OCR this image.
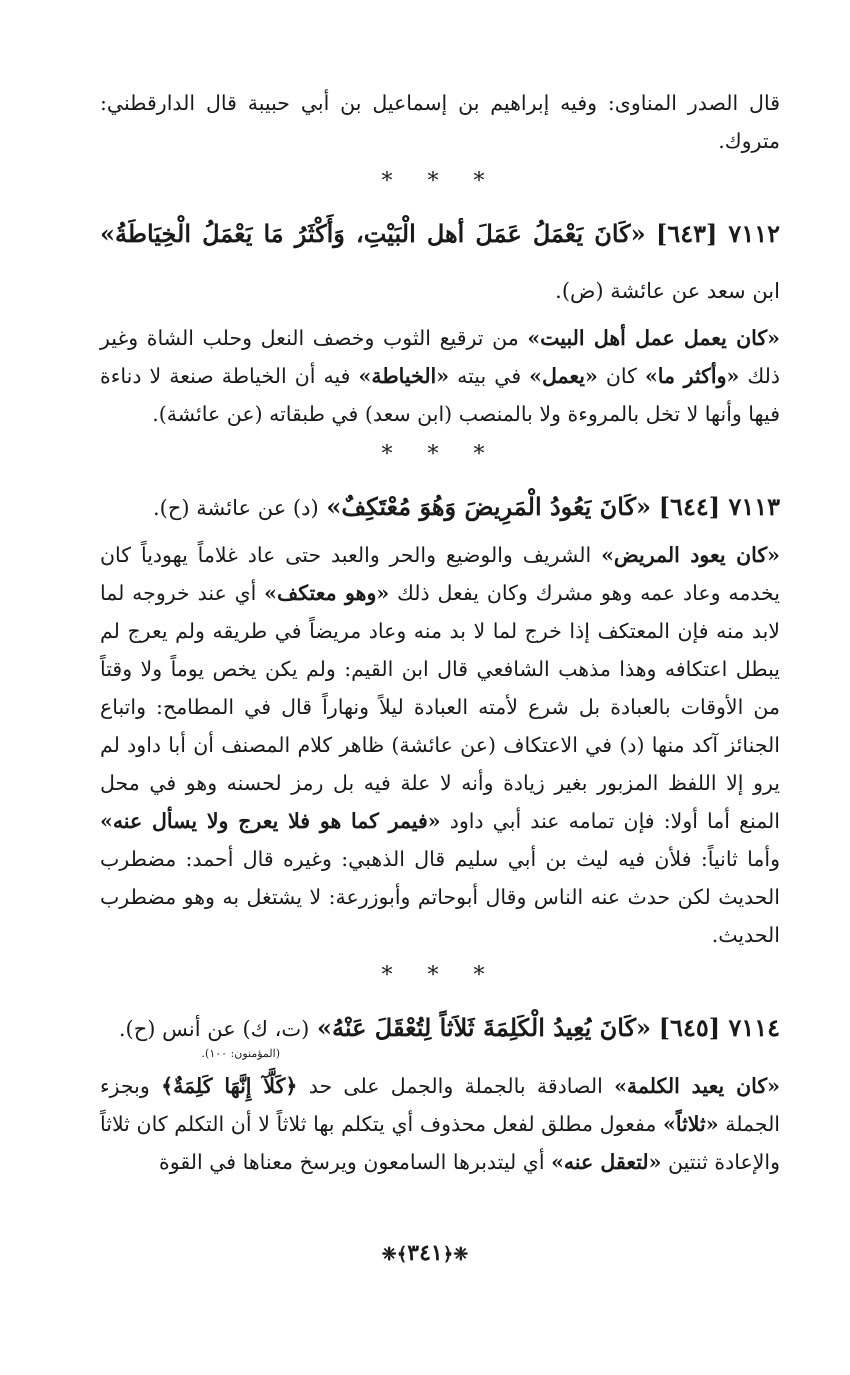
قال الصدر المناوى: وفيه إبراهيم بن إسماعيل بن أبي حبيبة قال الدارقطني: متروك.

* * *

٧١١٢ [٦٤٣] «كَانَ يَعْمَلُ عَمَلَ أهل الْبَيْتِ، وَأَكْثَرُ مَا يَعْمَلُ الْخِيَاطَةُ» ابن سعد عن عائشة (ض).

«كان يعمل عمل أهل البيت» من ترقيع الثوب وخصف النعل وحلب الشاة وغير ذلك «وأكثر ما» كان «يعمل» في بيته «الخياطة» فيه أن الخياطة صنعة لا دناءة فيها وأنها لا تخل بالمروءة ولا بالمنصب (ابن سعد) في طبقاته (عن عائشة).

* * *

٧١١٣ [٦٤٤] «كَانَ يَعُودُ الْمَرِيضَ وَهُوَ مُعْتَكِفٌ» (د) عن عائشة (ح).

«كان يعود المريض» الشريف والوضيع والحر والعبد حتى عاد غلاماً يهودياً كان يخدمه وعاد عمه وهو مشرك وكان يفعل ذلك «وهو معتكف» أي عند خروجه لما لابد منه فإن المعتكف إذا خرج لما لا بد منه وعاد مريضاً في طريقه ولم يعرج لم يبطل اعتكافه وهذا مذهب الشافعي قال ابن القيم: ولم يكن يخص يوماً ولا وقتاً من الأوقات بالعبادة بل شرع لأمته العبادة ليلاً ونهاراً قال في المطامح: واتباع الجنائز آكد منها (د) في الاعتكاف (عن عائشة) ظاهر كلام المصنف أن أبا داود لم يرو إلا اللفظ المزبور بغير زيادة وأنه لا علة فيه بل رمز لحسنه وهو في محل المنع أما أولا: فإن تمامه عند أبي داود «فيمر كما هو فلا يعرج ولا يسأل عنه» وأما ثانياً: فلأن فيه ليث بن أبي سليم قال الذهبي: وغيره قال أحمد: مضطرب الحديث لكن حدث عنه الناس وقال أبوحاتم وأبوزرعة: لا يشتغل به وهو مضطرب الحديث.

* * *

٧١١٤ [٦٤٥] «كَانَ يُعِيدُ الْكَلِمَةَ ثَلاَثاً لِتُعْقَلَ عَنْهُ» (ت، ك) عن أنس (ح).

(المؤمنون: ١٠٠).

«كان يعيد الكلمة» الصادقة بالجملة والجمل على حد ﴿كَلَّآ إِنَّهَا كَلِمَةٌ﴾ وبجزء الجملة «ثلاثاً» مفعول مطلق لفعل محذوف أي يتكلم بها ثلاثاً لا أن التكلم كان ثلاثاً والإعادة ثنتين «لتعقل عنه» أي ليتدبرها السامعون ويرسخ معناها في القوة

❈﴿٣٤١﴾❈
